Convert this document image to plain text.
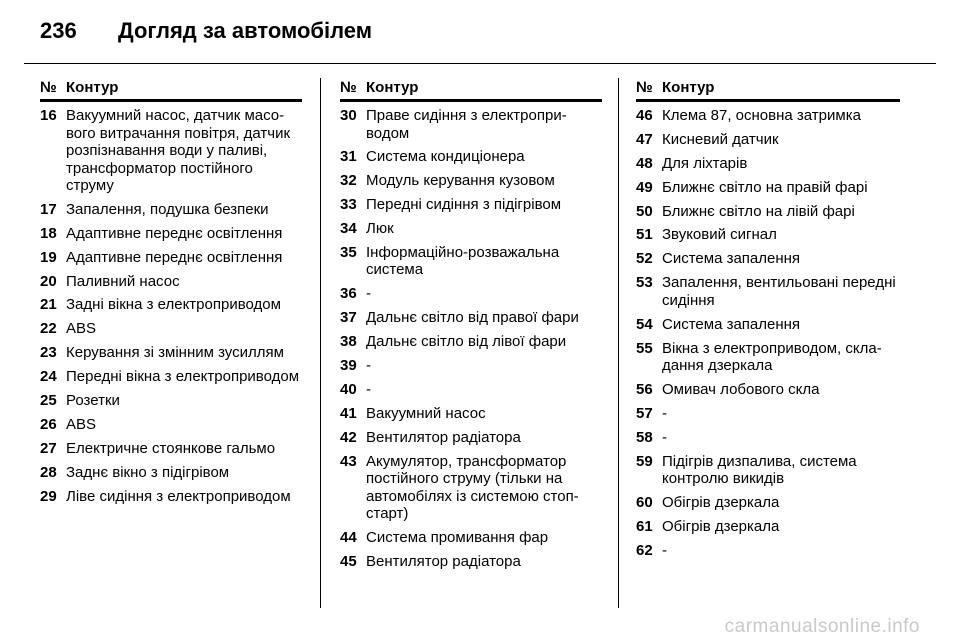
236	Догляд за автомобілем
№ Контур
16 Вакуумний насос, датчик масового витрачання повітря, датчик розпізнавання води у паливі, трансформатор постійного струму
17 Запалення, подушка безпеки
18 Адаптивне переднє освітлення
19 Адаптивне переднє освітлення
20 Паливний насос
21 Задні вікна з електроприводом
22 ABS
23 Керування зі змінним зусиллям
24 Передні вікна з електроприводом
25 Розетки
26 ABS
27 Електричне стоянкове гальмо
28 Заднє вікно з підігрівом
29 Ліве сидіння з електроприводом
№ Контур
30 Праве сидіння з електроприводом
31 Система кондиціонера
32 Модуль керування кузовом
33 Передні сидіння з підігрівом
34 Люк
35 Інформаційно-розважальна система
36 -
37 Дальнє світло від правої фари
38 Дальнє світло від лівої фари
39 -
40 -
41 Вакуумний насос
42 Вентилятор радіатора
43 Акумулятор, трансформатор постійного струму (тільки на автомобілях із системою стоп-старт)
44 Система промивання фар
45 Вентилятор радіатора
№ Контур
46 Клема 87, основна затримка
47 Кисневий датчик
48 Для ліхтарів
49 Ближнє світло на правій фарі
50 Ближнє світло на лівій фарі
51 Звуковий сигнал
52 Система запалення
53 Запалення, вентильовані передні сидіння
54 Система запалення
55 Вікна з електроприводом, складання дзеркала
56 Омивач лобового скла
57 -
58 -
59 Підігрів дизпалива, система контролю викидів
60 Обігрів дзеркала
61 Обігрів дзеркала
62 -
carmanualsonline.info
